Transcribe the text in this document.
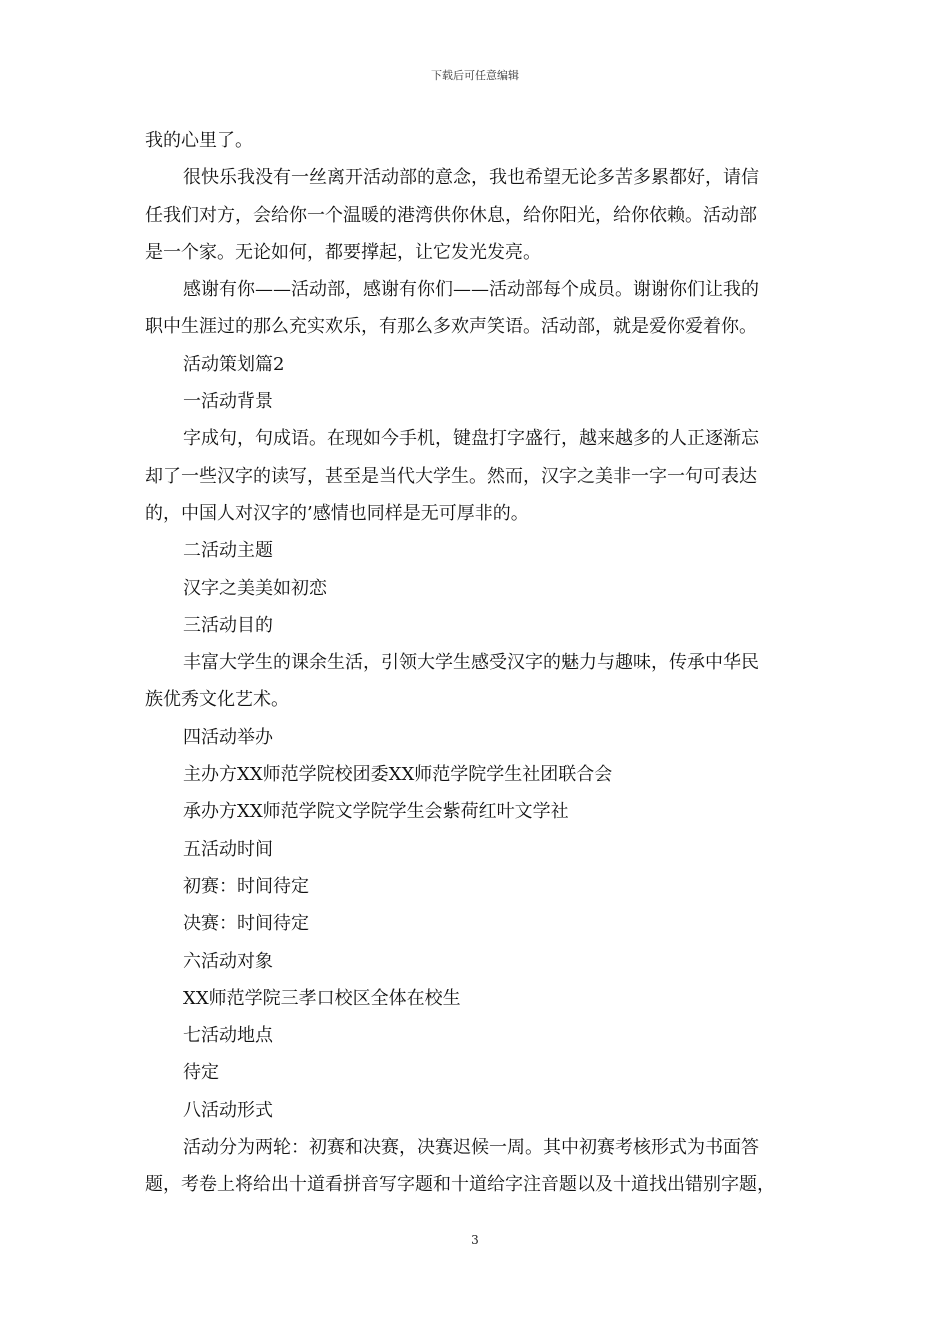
下载后可任意编辑
我的心里了。
很快乐我没有一丝离开活动部的意念，我也希望无论多苦多累都好，请信
任我们对方，会给你一个温暖的港湾供你休息，给你阳光，给你依赖。活动部
是一个家。无论如何，都要撑起，让它发光发亮。
感谢有你——活动部，感谢有你们——活动部每个成员。谢谢你们让我的
职中生涯过的那么充实欢乐，有那么多欢声笑语。活动部，就是爱你爱着你。
活动策划篇2
一活动背景
字成句，句成语。在现如今手机，键盘打字盛行，越来越多的人正逐渐忘
却了一些汉字的读写，甚至是当代大学生。然而，汉字之美非一字一句可表达
的，中国人对汉字的’感情也同样是无可厚非的。
二活动主题
汉字之美美如初恋
三活动目的
丰富大学生的课余生活，引领大学生感受汉字的魅力与趣味，传承中华民
族优秀文化艺术。
四活动举办
主办方XX师范学院校团委XX师范学院学生社团联合会
承办方XX师范学院文学院学生会紫荷红叶文学社
五活动时间
初赛：时间待定
决赛：时间待定
六活动对象
XX师范学院三孝口校区全体在校生
七活动地点
待定
八活动形式
活动分为两轮：初赛和决赛，决赛迟候一周。其中初赛考核形式为书面答
题，考卷上将给出十道看拼音写字题和十道给字注音题以及十道找出错别字题，
3
